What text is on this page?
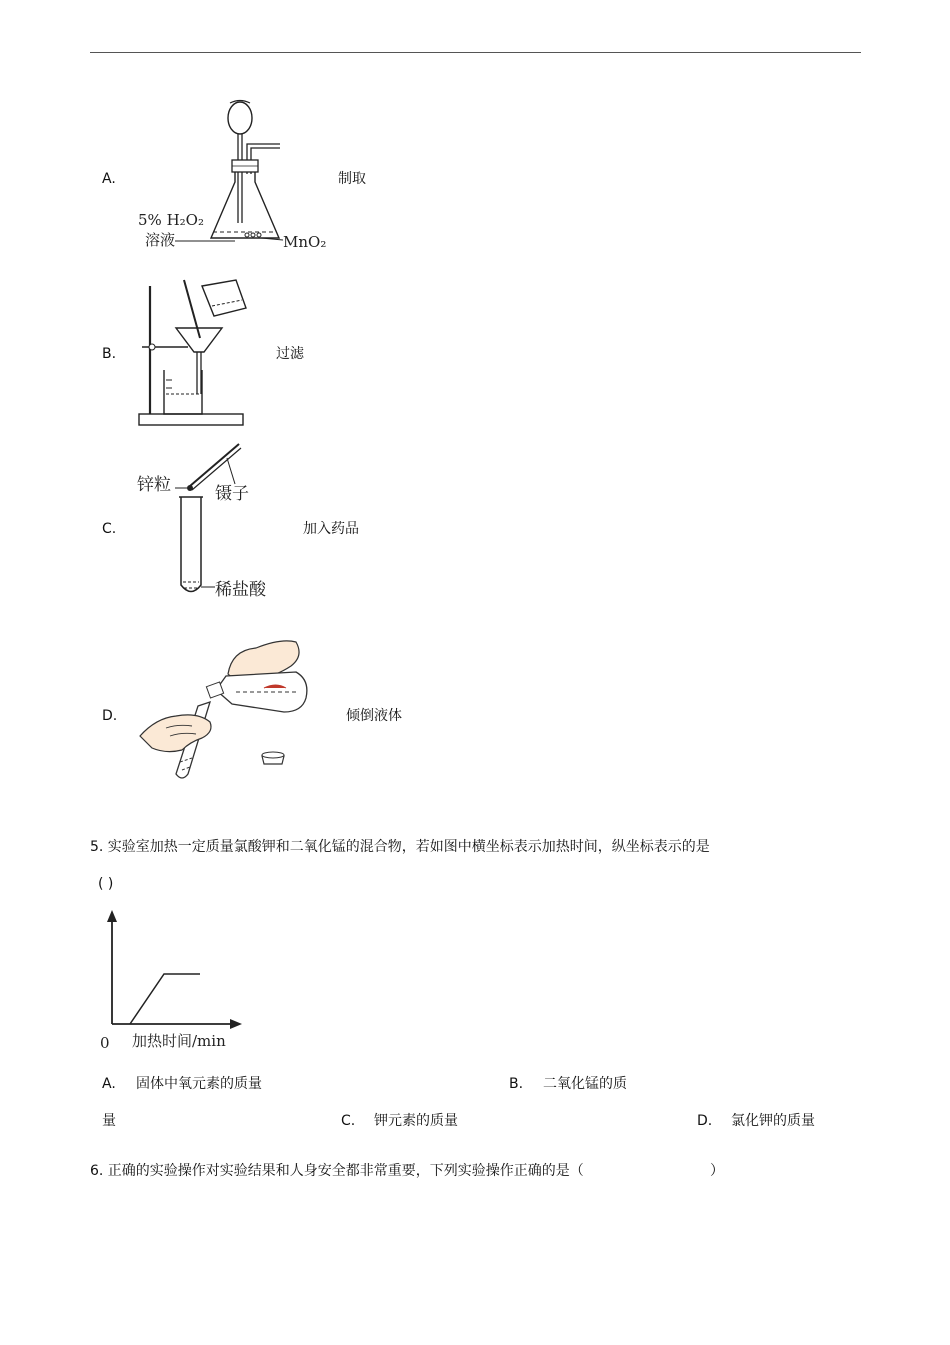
A.
5% H₂O₂
溶液	MnO₂
制取
B.	过滤
C.
锌粒	镊子
稀盐酸
加入药品
D.	倾倒液体
5. 实验室加热一定质量氯酸钾和二氧化锰的混合物，若如图中横坐标表示加热时间，纵坐标表示的是
( )
0 加热时间/min
A. 固体中氧元素的质量	B. 二氧化锰的质
量	C. 钾元素的质量	D. 氯化钾的质量
6. 正确的实验操作对实验结果和人身安全都非常重要，下列实验操作正确的是（	）
